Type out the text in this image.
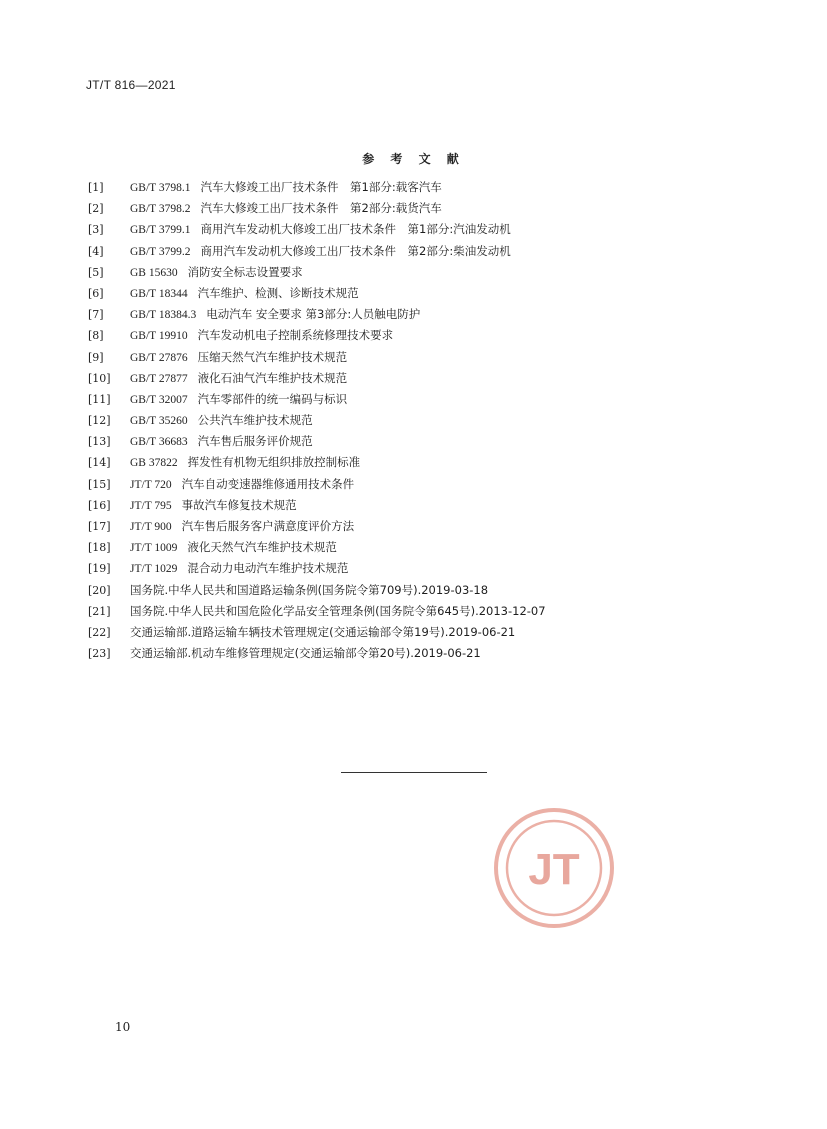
JT/T 816—2021
参 考 文 献
[1] GB/T 3798.1 汽车大修竣工出厂技术条件　第1部分:载客汽车
[2] GB/T 3798.2 汽车大修竣工出厂技术条件　第2部分:载货汽车
[3] GB/T 3799.1 商用汽车发动机大修竣工出厂技术条件　第1部分:汽油发动机
[4] GB/T 3799.2 商用汽车发动机大修竣工出厂技术条件　第2部分:柴油发动机
[5] GB 15630 消防安全标志设置要求
[6] GB/T 18344 汽车维护、检测、诊断技术规范
[7] GB/T 18384.3 电动汽车 安全要求 第3部分:人员触电防护
[8] GB/T 19910 汽车发动机电子控制系统修理技术要求
[9] GB/T 27876 压缩天然气汽车维护技术规范
[10] GB/T 27877 液化石油气汽车维护技术规范
[11] GB/T 32007 汽车零部件的统一编码与标识
[12] GB/T 35260 公共汽车维护技术规范
[13] GB/T 36683 汽车售后服务评价规范
[14] GB 37822 挥发性有机物无组织排放控制标准
[15] JT/T 720 汽车自动变速器维修通用技术条件
[16] JT/T 795 事故汽车修复技术规范
[17] JT/T 900 汽车售后服务客户满意度评价方法
[18] JT/T 1009 液化天然气汽车维护技术规范
[19] JT/T 1029 混合动力电动汽车维护技术规范
[20] 国务院.中华人民共和国道路运输条例(国务院令第709号).2019-03-18
[21] 国务院.中华人民共和国危险化学品安全管理条例(国务院令第645号).2013-12-07
[22] 交通运输部.道路运输车辆技术管理规定(交通运输部令第19号).2019-06-21
[23] 交通运输部.机动车维修管理规定(交通运输部令第20号).2019-06-21
JT
10
